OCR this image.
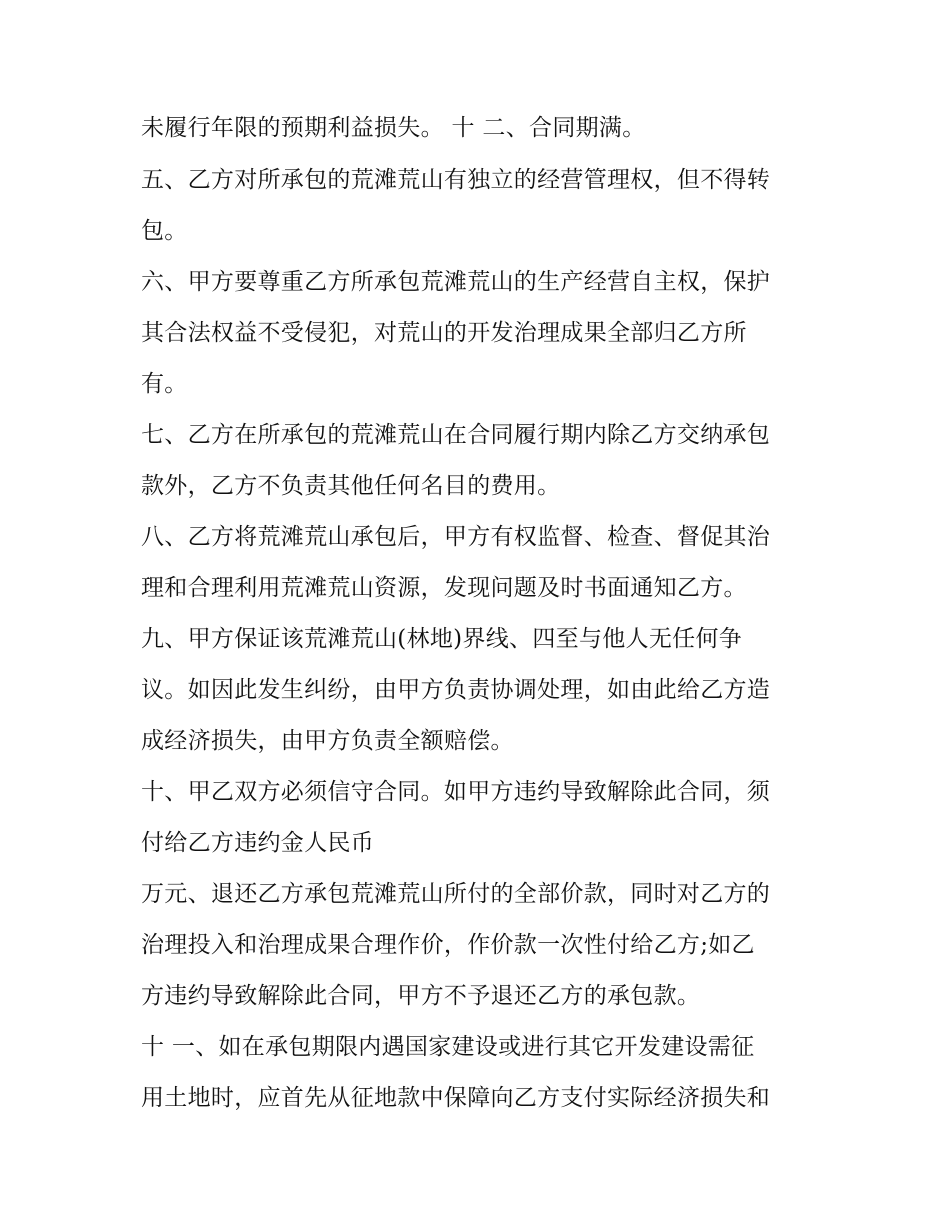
未履行年限的预期利益损失。 十 二、合同期满。
五、乙方对所承包的荒滩荒山有独立的经营管理权，但不得转
包。
六、甲方要尊重乙方所承包荒滩荒山的生产经营自主权，保护
其合法权益不受侵犯，对荒山的开发治理成果全部归乙方所
有。
七、乙方在所承包的荒滩荒山在合同履行期内除乙方交纳承包
款外，乙方不负责其他任何名目的费用。
八、乙方将荒滩荒山承包后，甲方有权监督、检查、督促其治
理和合理利用荒滩荒山资源，发现问题及时书面通知乙方。
九、甲方保证该荒滩荒山(林地)界线、四至与他人无任何争
议。如因此发生纠纷，由甲方负责协调处理，如由此给乙方造
成经济损失，由甲方负责全额赔偿。
十、甲乙双方必须信守合同。如甲方违约导致解除此合同，须
付给乙方违约金人民币
万元、退还乙方承包荒滩荒山所付的全部价款，同时对乙方的
治理投入和治理成果合理作价，作价款一次性付给乙方;如乙
方违约导致解除此合同，甲方不予退还乙方的承包款。
十 一、如在承包期限内遇国家建设或进行其它开发建设需征
用土地时，应首先从征地款中保障向乙方支付实际经济损失和
